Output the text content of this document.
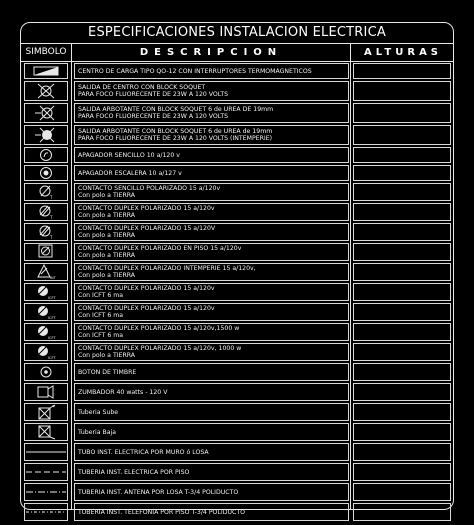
ESPECIFICACIONES INSTALACION ELECTRICA
SIMBOLO	DESCRIPCION	ALTURAS
CENTRO DE CARGA TIPO QO-12 CON INTERRUPTORES TERMOMAGNETICOS
SALIDA DE CENTRO CON BLOCK SOQUET
PARA FOCO FLUORECENTE DE 23W A 120 VOLTS
SALIDA ARBOTANTE CON BLOCK SOQUET 6 de UREA DE 19mm
PARA FOCO FLUORECENTE DE 23W A 120 VOLTS
SALIDA ARBOTANTE CON BLOCK SOQUET 6 de UREA de 19mm
PARA FOCO FLUORECENTE DE 23W A 120 VOLTS (INTEMPERIE)
APAGADOR SENCILLO 10 a/120 v
APAGADOR ESCALERA 10 a/127 v
T
CONTACTO SENCILLO POLARIZADO 15 a/120v
Con polo a TIERRA
T
CONTACTO DUPLEX POLARIZADO 15 a/120v
Con polo a TIERRA
T
CONTACTO DUPLEX POLARIZADO 15 a/120V
Con polo a TIERRA
CONTACTO DUPLEX POLARIZADO EN PISO 15 a/120v
Con polo a TIERRA
INT
CONTACTO DUPLEX POLARIZADO INTEMPERIE 15 a/120v,
Con polo a TIERRA
ICFT
CONTACTO DUPLEX POLARIZADO 15 a/120v
Con ICFT 6 ma
ICFT
CONTACTO DUPLEX POLARIZADO 15 a/120v
Con ICFT 6 ma
ICFT
CONTACTO DUPLEX POLARIZADO 15 a/120v,1500 w
Con ICFT 6 ma
ICFT
CONTACTO DUPLEX POLARIZADO 15 a/120v, 1000 w
Con polo a TIERRA
BOTON DE TIMBRE
ZUMBADOR 40 watts - 120 V
Tuberia Sube
Tuberia Baja
TUBO INST. ELECTRICA POR MURO ó LOSA
TUBERIA INST. ELECTRICA POR PISO
TUBERIA INST. ANTENA POR LOSA T-3/4 POLIDUCTO
TUBERIA INST. TELEFONIA POR PISO T-3/4 POLIDUCTO
